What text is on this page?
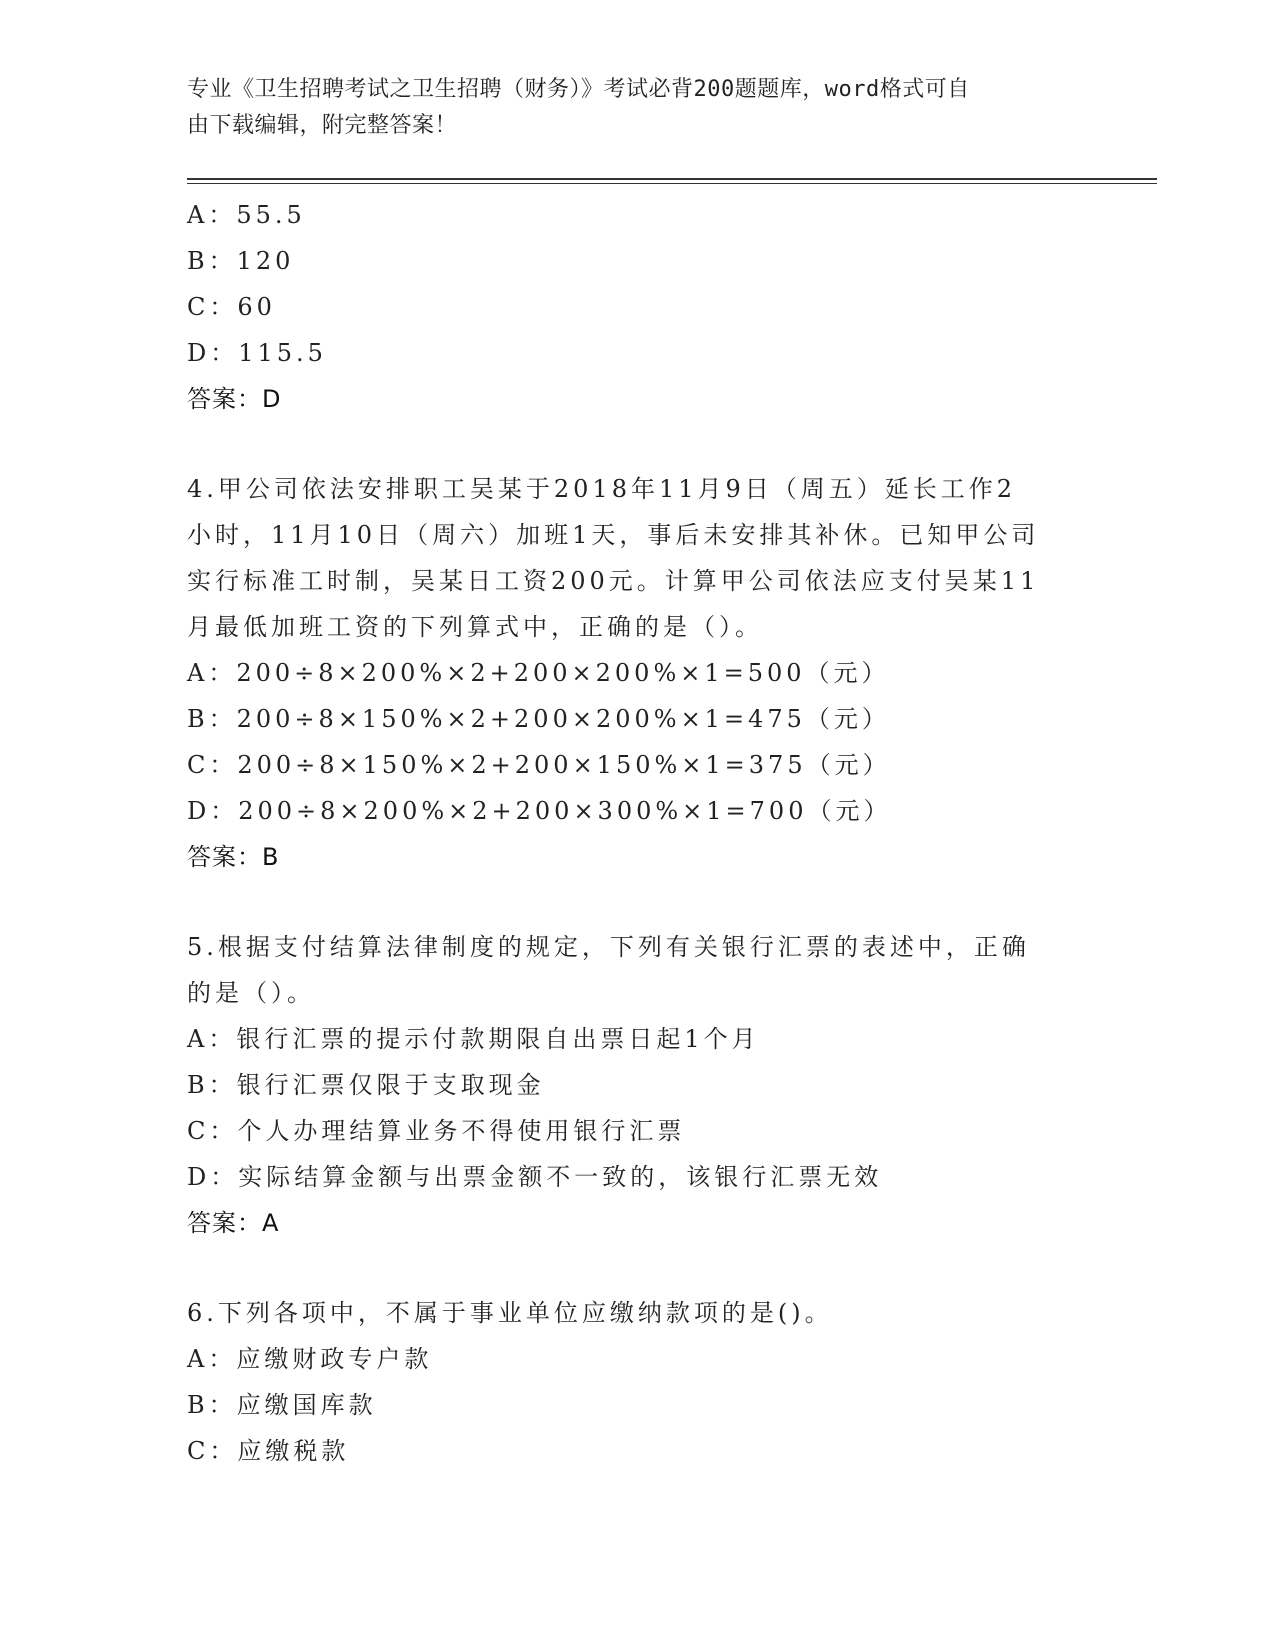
专业《卫生招聘考试之卫生招聘（财务）》考试必背200题题库，word格式可自
由下载编辑，附完整答案！
A：55.5
B：120
C：60
D：115.5
答案：D
4.甲公司依法安排职工吴某于2018年11月9日（周五）延长工作2
小时，11月10日（周六）加班1天，事后未安排其补休。已知甲公司
实行标准工时制，吴某日工资200元。计算甲公司依法应支付吴某11
月最低加班工资的下列算式中，正确的是（）。
A：200÷8×200%×2+200×200%×1=500（元）
B：200÷8×150%×2+200×200%×1=475（元）
C：200÷8×150%×2+200×150%×1=375（元）
D：200÷8×200%×2+200×300%×1=700（元）
答案：B
5.根据支付结算法律制度的规定，下列有关银行汇票的表述中，正确
的是（）。
A：银行汇票的提示付款期限自出票日起1个月
B：银行汇票仅限于支取现金
C：个人办理结算业务不得使用银行汇票
D：实际结算金额与出票金额不一致的，该银行汇票无效
答案：A
6.下列各项中，不属于事业单位应缴纳款项的是()。
A：应缴财政专户款
B：应缴国库款
C：应缴税款
